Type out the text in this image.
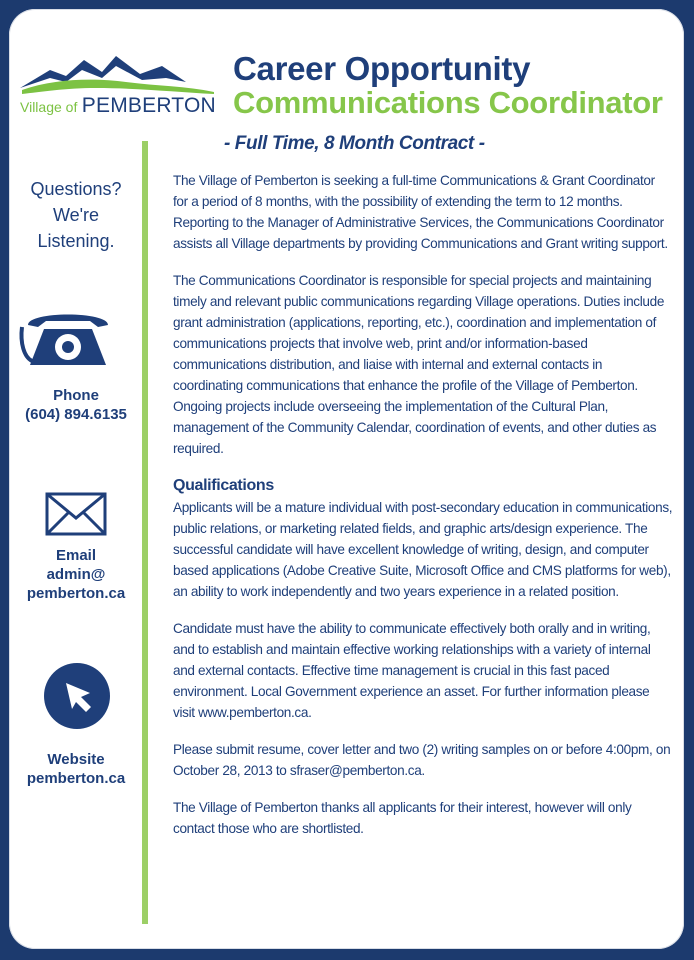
Village of PEMBERTON
Career Opportunity
Communications Coordinator
- Full Time, 8 Month Contract -
Questions?
We're
Listening.
Phone
(604) 894.6135
Email
admin@
pemberton.ca
Website
pemberton.ca

The Village of Pemberton is seeking a full-time Communications & Grant Coordinator for a period of 8 months, with the possibility of extending the term to 12 months. Reporting to the Manager of Administrative Services, the Communications Coordinator assists all Village departments by providing Communications and Grant writing support.

The Communications Coordinator is responsible for special projects and maintaining timely and relevant public communications regarding Village operations. Duties include grant administration (applications, reporting, etc.), coordination and implementation of communications projects that involve web, print and/or information-based communications distribution, and liaise with internal and external contacts in coordinating communications that enhance the profile of the Village of Pemberton. Ongoing projects include overseeing the implementation of the Cultural Plan, management of the Community Calendar, coordination of events, and other duties as required.

Qualifications

Applicants will be a mature individual with post-secondary education in communications, public relations, or marketing related fields, and graphic arts/design experience. The successful candidate will have excellent knowledge of writing, design, and computer based applications (Adobe Creative Suite, Microsoft Office and CMS platforms for web), an ability to work independently and two years experience in a related position.

Candidate must have the ability to communicate effectively both orally and in writing, and to establish and maintain effective working relationships with a variety of internal and external contacts. Effective time management is crucial in this fast paced environment. Local Government experience an asset. For further information please visit www.pemberton.ca.

Please submit resume, cover letter and two (2) writing samples on or before 4:00pm, on October 28, 2013 to sfraser@pemberton.ca.

The Village of Pemberton thanks all applicants for their interest, however will only contact those who are shortlisted.
